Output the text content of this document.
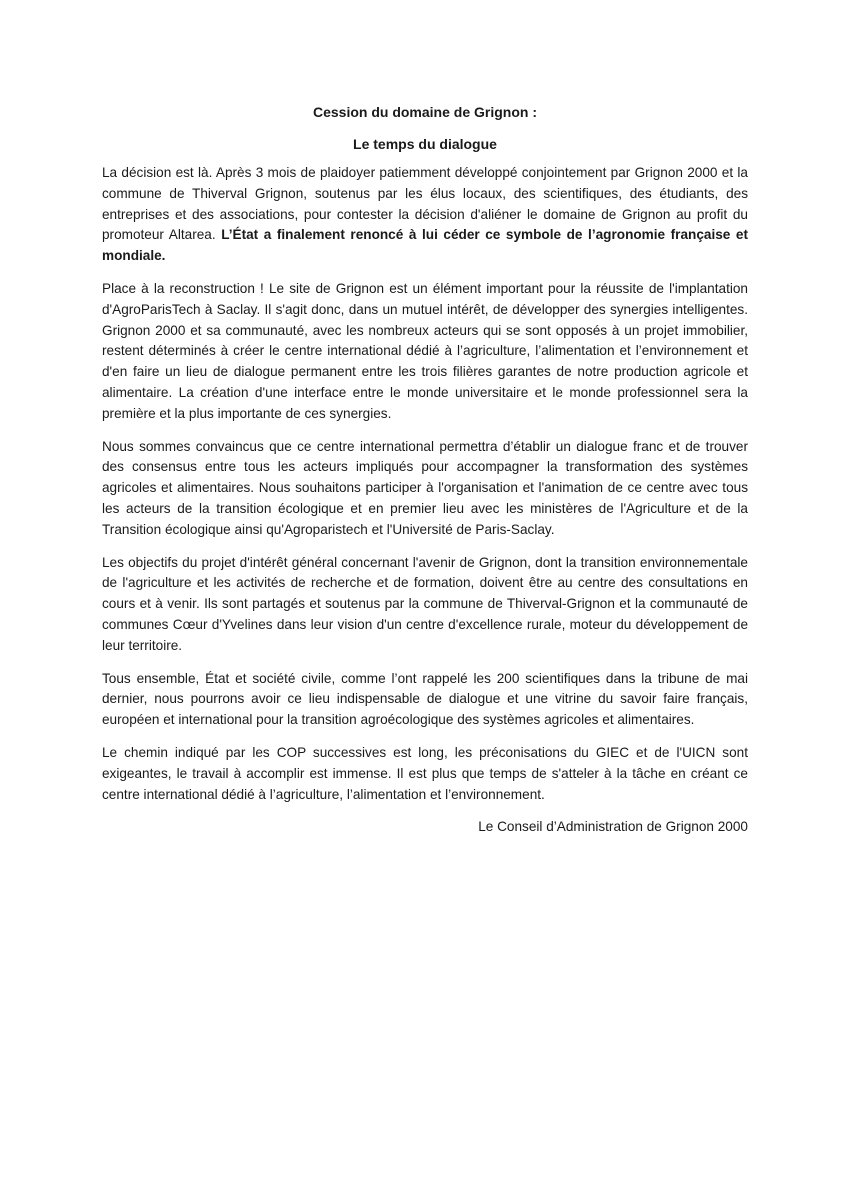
Cession du domaine de Grignon :

Le temps du dialogue

La décision est là. Après 3 mois de plaidoyer patiemment développé conjointement par Grignon 2000 et la commune de Thiverval Grignon, soutenus par les élus locaux, des scientifiques, des étudiants, des entreprises et des associations, pour contester la décision d'aliéner le domaine de Grignon au profit du promoteur Altarea. L’État a finalement renoncé à lui céder ce symbole de l’agronomie française et mondiale.

Place à la reconstruction ! Le site de Grignon est un élément important pour la réussite de l'implantation d'AgroParisTech à Saclay. Il s'agit donc, dans un mutuel intérêt, de développer des synergies intelligentes. Grignon 2000 et sa communauté, avec les nombreux acteurs qui se sont opposés à un projet immobilier, restent déterminés à créer le centre international dédié à l’agriculture, l’alimentation et l’environnement et d'en faire un lieu de dialogue permanent entre les trois filières garantes de notre production agricole et alimentaire. La création d'une interface entre le monde universitaire et le monde professionnel sera la première et la plus importante de ces synergies.

Nous sommes convaincus que ce centre international permettra d’établir un dialogue franc et de trouver des consensus entre tous les acteurs impliqués pour accompagner la transformation des systèmes agricoles et alimentaires. Nous souhaitons participer à l'organisation et l'animation de ce centre avec tous les acteurs de la transition écologique et en premier lieu avec les ministères de l'Agriculture et de la Transition écologique ainsi qu'Agroparistech et l'Université de Paris-Saclay.

Les objectifs du projet d'intérêt général concernant l'avenir de Grignon, dont la transition environnementale de l'agriculture et les activités de recherche et de formation, doivent être au centre des consultations en cours et à venir. Ils sont partagés et soutenus par la commune de Thiverval-Grignon et la communauté de communes Cœur d'Yvelines dans leur vision d'un centre d'excellence rurale, moteur du développement de leur territoire.

Tous ensemble, État et société civile, comme l’ont rappelé les 200 scientifiques dans la tribune de mai dernier, nous pourrons avoir ce lieu indispensable de dialogue et une vitrine du savoir faire français, européen et international pour la transition agroécologique des systèmes agricoles et alimentaires.

Le chemin indiqué par les COP successives est long, les préconisations du GIEC et de l'UICN sont exigeantes, le travail à accomplir est immense. Il est plus que temps de s'atteler à la tâche en créant ce centre international dédié à l’agriculture, l’alimentation et l’environnement.

Le Conseil d’Administration de Grignon 2000
